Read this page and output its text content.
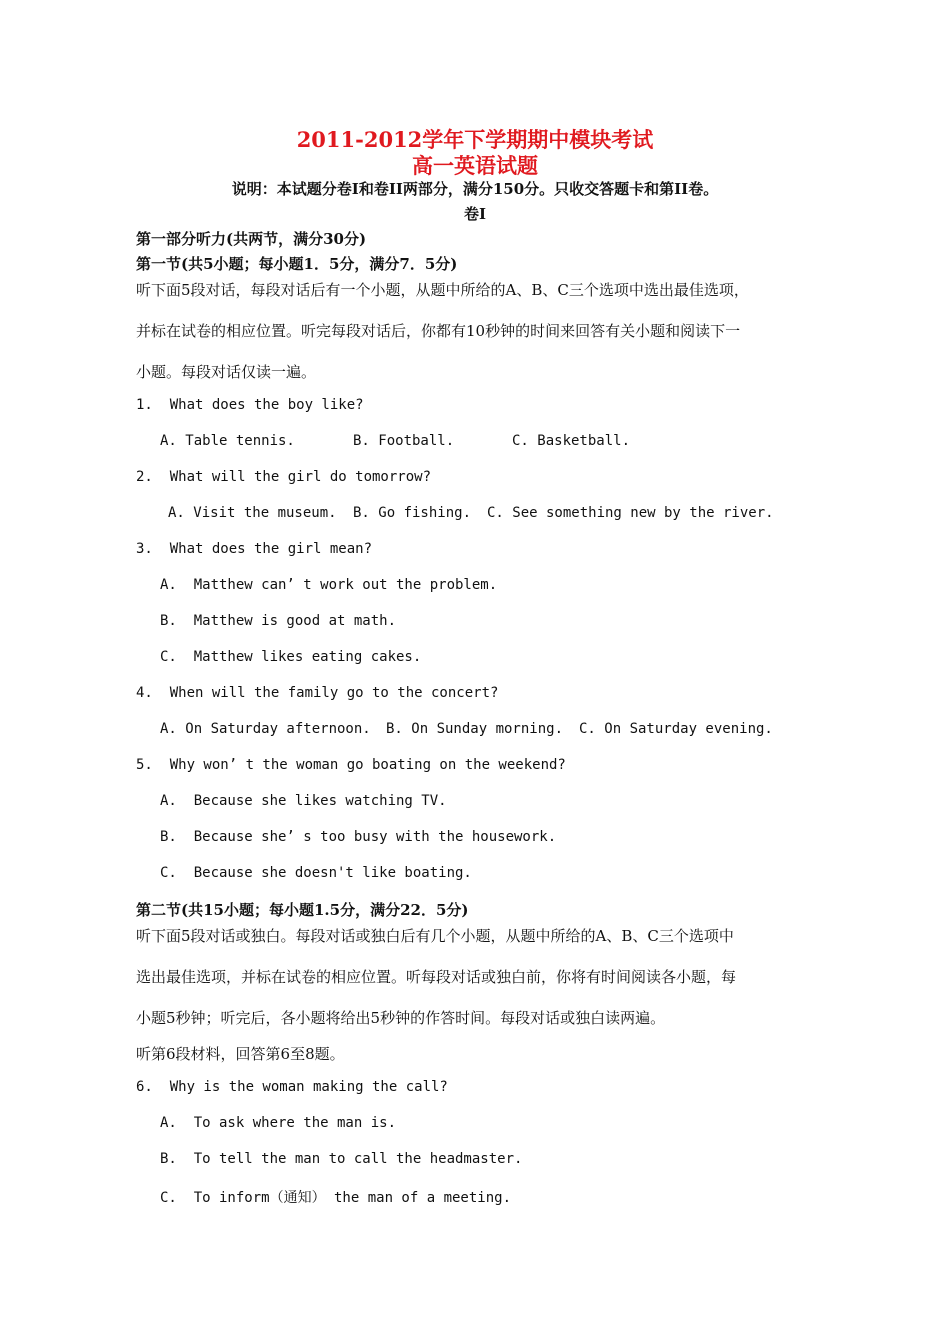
2011-2012学年下学期期中模块考试
高一英语试题
说明：本试题分卷I和卷II两部分，满分150分。只收交答题卡和第II卷。
卷I
第一部分听力(共两节，满分30分)
第一节(共5小题；每小题1．5分，满分7．5分)
听下面5段对话，每段对话后有一个小题，从题中所给的A、B、C三个选项中选出最佳选项，
并标在试卷的相应位置。听完每段对话后，你都有10秒钟的时间来回答有关小题和阅读下一
小题。每段对话仅读一遍。
1.  What does the boy like?
A. Table tennis.	B. Football.	C. Basketball.
2.  What will the girl do tomorrow?
A. Visit the museum. B. Go fishing. C. See something new by the river.
3.  What does the girl mean?
A.  Matthew can’ t work out the problem.
B.  Matthew is good at math.
C.  Matthew likes eating cakes.
4.  When will the family go to the concert?
A. On Saturday afternoon. B. On Sunday morning. C. On Saturday evening.
5.  Why won’ t the woman go boating on the weekend?
A.  Because she likes watching TV.
B.  Because she’ s too busy with the housework.
C.  Because she doesn't like boating.
第二节(共15小题；每小题1.5分，满分22．5分)
听下面5段对话或独白。每段对话或独白后有几个小题，从题中所给的A、B、C三个选项中
选出最佳选项，并标在试卷的相应位置。听每段对话或独白前，你将有时间阅读各小题，每
小题5秒钟；听完后，各小题将给出5秒钟的作答时间。每段对话或独白读两遍。
听第6段材料，回答第6至8题。
6.  Why is the woman making the call?
A.  To ask where the man is.
B.  To tell the man to call the headmaster.
C.  To inform（通知） the man of a meeting.
